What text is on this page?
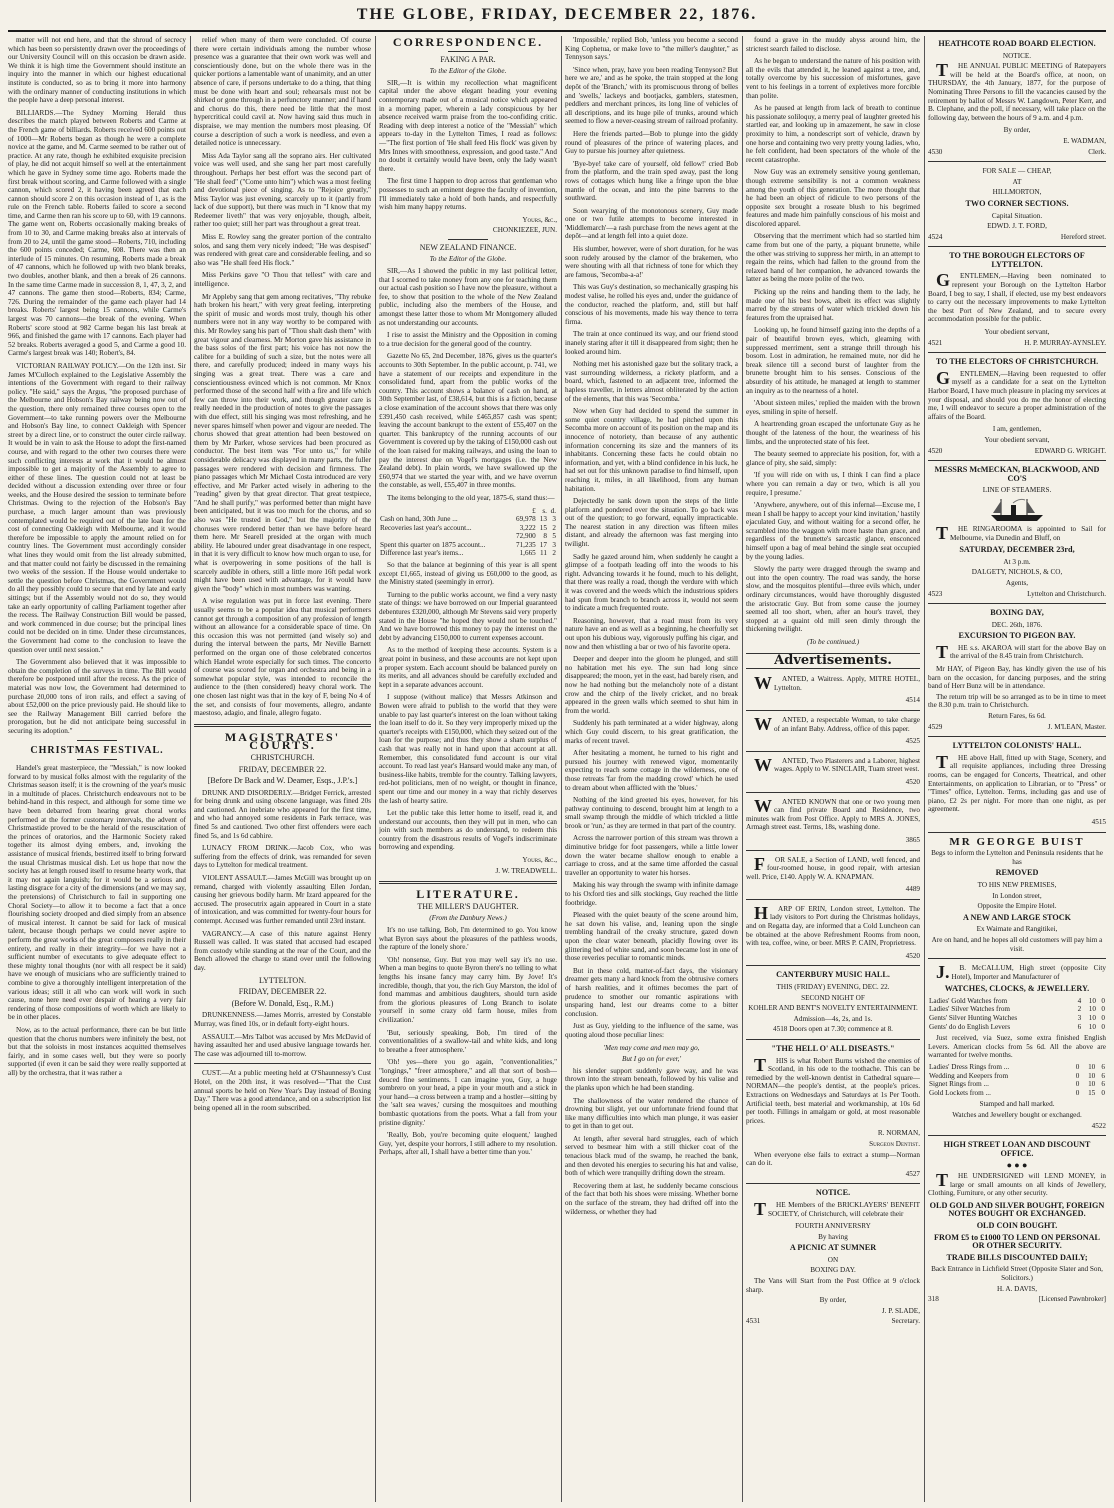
THE GLOBE, FRIDAY, DECEMBER 22, 1876.

matter will not end here, and that the shroud of secrecy which has been so persistently drawn over the proceedings of our University Council will on this occasion be drawn aside. We think it is high time the Government should institute an inquiry into the manner in which our highest educational institute is conducted, so as to bring it more into harmony with the ordinary manner of conducting institutions in which the people have a deep personal interest.

BILLIARDS.—The Sydney Morning Herald thus describes the match played between Roberts and Carme at the French game of billiards. Roberts received 600 points out of 1000—Mr Roberts began as though he were a complete novice at the game, and M. Carme seemed to be rather out of practice. At any rate, though he exhibited exquisite precision of play, he did not acquit himself so well at the entertainment which he gave in Sydney some time ago. Roberts made the first break without scoring, and Carme followed with a single cannon, which scored 2, it having been agreed that each cannon should score 2 on this occasion instead of 1, as is the rule on the French table. Roberts failed to score a second time, and Carme then ran his score up to 60, with 19 cannons. The game went on, Roberts occasionally making breaks of from 10 to 30, and Carme making breaks also at intervals of from 20 to 24, until the game stood—Roberts, 710, including the 600 points conceded; Carme, 608. There was then an interlude of 15 minutes. On resuming, Roberts made a break of 47 cannons, which he followed up with two blank breaks, two doubles, another blank, and then a break of 26 cannons. In the same time Carme made in succession 8, 1, 47, 3, 2, and 47 cannons. The game then stood—Roberts, 834; Carme, 726. During the remainder of the game each player had 14 breaks. Roberts' largest being 15 cannons, while Carme's largest was 70 cannons—the break of the evening. When Roberts' score stood at 982 Carme began his last break at 966, and finished the game with 17 cannons. Each player had 52 breaks. Roberts averaged a good 5, and Carme a good 10. Carme's largest break was 140; Robert's, 84.

VICTORIAN RAILWAY POLICY.—On the 12th inst. Sir James M'Culloch explained to the Legislative Assembly the intentions of the Government with regard to their railway policy. "He said," says the Argus, "the proposed purchase of the Melbourne and Hobson's Bay railway being now out of the question, there only remained three courses open to the Government—to take running powers over the Melbourne and Hobson's Bay line, to connect Oakleigh with Spencer street by a direct line, or to construct the outer circle railway. It would be in vain to ask the House to adopt the first-named course, and with regard to the other two courses there were such conflicting interests at work that it would be almost impossible to get a majority of the Assembly to agree to either of these lines. The question could not at least be decided without a discussion extending over three or four weeks, and the House desired the session to terminate before Christmas. Owing to the rejection of the Hobson's Bay purchase, a much larger amount than was previously contemplated would be required out of the late loan for the cost of connecting Oakleigh with Melbourne, and it would therefore be impossible to apply the amount relied on for country lines. The Government must accordingly consider what lines they would omit from the list already submitted, and that matter could not fairly be discussed in the remaining two weeks of the session. If the House would undertake to settle the question before Christmas, the Government would do all they possibly could to secure that end by late and early sittings; but if the Assembly would not do so, they would take an early opportunity of calling Parliament together after the recess. The Railway Construction Bill would be passed, and work commenced in due course; but the principal lines could not be decided on in time. Under these circumstances, the Government had come to the conclusion to leave the question over until next session."

The Government also believed that it was impossible to obtain the completion of the surveys in time. The Bill would therefore be postponed until after the recess. As the price of material was now low, the Government had determined to purchase 20,000 tons of iron rails, and effect a saving of about £52,000 on the price previously paid. He should like to see the Railway Management Bill carried before the prorogation, but he did not anticipate being successful in securing its adoption."

CHRISTMAS FESTIVAL.

Handel's great masterpiece, the "Messiah," is now looked forward to by musical folks almost with the regularity of the Christmas season itself; it is the crowning of the year's music in a multitude of places. Christchurch endeavours not to be behind-hand in this respect, and although for some time we have been debarred from hearing great choral works performed at the former customary intervals, the advent of Christmastide proved to be the herald of the resuscitation of the princes of oratorios, and the Harmonic Society raked together its almost dying embers, and, invoking the assistance of musical friends, bestirred itself to bring forward the usual Christmas musical dish. Let us hope that now the society has at length roused itself to resume hearty work, that it may not again languish; for it would be a serious and lasting disgrace for a city of the dimensions (and we may say, the pretensions) of Christchurch to fail in supporting one Choral Society—to allow it to become a fact that a once flourishing society drooped and died simply from an absence of musical interest. It cannot be said for lack of musical talent, because though perhaps we could never aspire to perform the great works of the great composers really in their entirety, and really in their integrity—for we have not a sufficient number of executants to give adequate effect to these mighty tonal thoughts (nor with all respect be it said) have we enough of musicians who are sufficiently trained to combine to give a thoroughly intelligent interpretation of the various ideas; still it all who can work will work in such cause, none here need ever despair of hearing a very fair rendering of those compositions of worth which are likely to be in other places.

Now, as to the actual performance, there can be but little question that the chorus numbers were infinitely the best, not but that the soloists in most instances acquitted themselves fairly, and in some cases well, but they were so poorly supported (if even it can be said they were really supported at all) by the orchestra, that it was rather a

relief when many of them were concluded. Of course there were certain individuals among the number whose presence was a guarantee that their own work was well and conscientiously done, but on the whole there was in the quicker portions a lamentable want of unanimity, and an utter absence of care, if persons undertake to do a thing, that thing must be done with heart and soul; rehearsals must not be shirked or gone through in a perfunctory manner; and if hand and chorus do this, there need be little that the most hypercritical could cavil at. Now having said thus much in dispraise, we may mention the numbers most pleasing. Of course a description of such a work is needless, and even a detailed notice is unnecessary.

Miss Ada Taylor sang all the soprano airs. Her cultivated voice was well used, and she sang her part most carefully throughout. Perhaps her best effort was the second part of "He shall feed" ("Come unto him") which was a most feeling and devotional piece of singing. As to "Rejoice greatly," Miss Taylor was just evening, scarcely up to it (partly from lack of due support), but there was much in "I know that my Redeemer liveth" that was very enjoyable, though, albeit, rather too quiet; still her part was throughout a great treat.

Miss E. Rowley sang the greater portion of the contralto solos, and sang them very nicely indeed; "He was despised" was rendered with great care and considerable feeling, and so also was "He shall feed His flock."

Miss Perkins gave "O Thou that tellest" with care and intelligence.

Mr Appleby sang that gem among recitatives, "Thy rebuke hath broken his heart," with very great feeling, interpreting the spirit of music and words most truly, though his other numbers were not in any way worthy to be compared with this. Mr Rowley sang his part of "Thou shalt dash them" with great vigour and clearness. Mr Morton gave his assistance in the bass solos of the first part; his voice has not now the calibre for a building of such a size, but the notes were all there, and carefully produced; indeed in many ways his singing was a great treat. There was a care and conscientiousness evinced which is not common. Mr Knox performed those of the second half with a fire and life which few can throw into their work, and though greater care is really needed in the production of notes to give the passages with due effect, still his singing was most refreshing, and he never spares himself when power and vigour are needed. The chorus showed that great attention had been bestowed on them by Mr Parker, whose services had been procured as conductor. The best item was "For unto us," for while considerable delicacy was displayed in many parts, the fuller passages were rendered with decision and firmness. The piano passages which Mr Michael Costa introduced are very effective, and Mr Parker acted wisely in adhering to the "reading" given by that great director. That great testpiece, "And he shall purify," was performed better than might have been anticipated, but it was too much for the chorus, and so also was "He trusted in God," but the majority of the choruses were rendered better than we have before heard them here. Mr Searell presided at the organ with much ability. He laboured under great disadvantage in one respect, in that it is very difficult to know how much organ to use, for what is overpowering in some positions of the hall is scarcely audible in others, still a little more 16ft pedal work might have been used with advantage, for it would have given the "body" which in most numbers was wanting.

A wise regulation was put in force last evening. There usually seems to be a popular idea that musical performers cannot get through a composition of any profession of length without an allowance for a considerable space of time. On this occasion this was not permitted (and wisely so) and during the interval between the parts, Mr Neville Barnett performed on the organ one of those celebrated concertos which Handel wrote especially for such times. The concerto of course was scored for organ and orchestra and being in a somewhat popular style, was intended to reconcile the audience to the (then considered) heavy choral work. The one chosen last night was that in the key of F, being No 4 of the set, and consists of four movements, allegro, andante maestoso, adagio, and finale, allegro fugato.

MAGISTRATES' COURTS.
CHRISTCHURCH.
FRIDAY, DECEMBER 22.
[Before Dr Back and W. Deamer, Esqs., J.P.'s.]

DRUNK AND DISORDERLY.—Bridget Ferrick, arrested for being drunk and using obscene language, was fined 20s and cautioned. An inebriate who appeared for the first time, and who had annoyed some residents in Park terrace, was fined 5s and cautioned. Two other first offenders were each fined 5s, and 1s 6d cabhire.

LUNACY FROM DRINK.—Jacob Cox, who was suffering from the effects of drink, was remanded for seven days to Lyttelton for medical treatment.

VIOLENT ASSAULT.—James McGill was brought up on remand, charged with violently assaulting Ellen Jordan, causing her grievous bodily harm. Mr Izard appeared for the accused. The prosecutrix again appeared in Court in a state of intoxication, and was committed for twenty-four hours for contempt. Accused was further remanded until 23rd instant.

VAGRANCY.—A case of this nature against Henry Russell was called. It was stated that accused had escaped from custody while standing at the rear of the Court, and the Bench allowed the charge to stand over until the following day.

LYTTELTON.
FRIDAY, DECEMBER 22.
(Before W. Donald, Esq., R.M.)

DRUNKENNESS.—James Morris, arrested by Constable Murray, was fined 10s, or in default forty-eight hours.

ASSAULT.—Mrs Talbot was accused by Mrs McDavid of having assaulted her and used abusive language towards her. The case was adjourned till to-morrow.

CUST.—At a public meeting held at O'Shaunnessy's Cust Hotel, on the 20th inst, it was resolved—"That the Cust annual sports be held on New Year's Day instead of Boxing Day." There was a good attendance, and on a subscription list being opened all in the room subscribed.

CORRESPONDENCE.
FAKING A PAR.
To the Editor of the Globe.

SIR,—It is within my recollection what magnificent capital under the above elegant heading your evening contemporary made out of a musical notice which appeared in a morning paper, wherein a lady conspicuous by her absence received warm praise from the too-confiding critic. Reading with deep interest a notice of the "Messiah" which appears to-day in the Lyttelton Times, I read as follows:—"The first portion of 'He shall feed His flock' was given by Mrs Innes with smoothness, expression, and good taste." And no doubt it certainly would have been, only the lady wasn't there.

The first time I happen to drop across that gentleman who possesses to such an eminent degree the faculty of invention, I'll immediately take a hold of both hands, and respectfully wish him many happy returns.

Yours, &c.,
CHONKIEZEE, JUN.
NEW ZEALAND FINANCE.
To the Editor of the Globe.

SIR,—As I showed the public in my last political letter, that I scorned to take money from any one for teaching them our actual cash position so I have now the pleasure, without a fee, to show that position to the whole of the New Zealand public, including also the members of the House, and amongst these latter those to whom Mr Montgomery alluded as not understanding our accounts.

I rise to assist the Ministry and the Opposition in coming to a true decision for the general good of the country.

Gazette No 65, 2nd December, 1876, gives us the quarter's accounts to 30th September. In the public account, p. 741, we have a statement of our receipts and expenditure in the consolidated fund, apart from the public works of the country. This account shows a balance of cash on hand, at 30th September last, of £38,614, but this is a fiction, because a close examination of the account shows that there was only £391,450 cash received, while £465,857 cash was spent; leaving the account bankrupt to the extent of £55,407 on the quarter. This bankruptcy of the running accounts of our Government is covered up by the taking of £150,000 cash out of the loan raised for making railways, and using the loan to pay the interest due on Vogel's mortgages (i.e. the New Zealand debt). In plain words, we have swallowed up the £60,974 that we started the year with, and we have overrun the constable, as well, £55,407 in three months.

The items belonging to the old year, 1875-6, stand thus:—

	£	s.	d.
Cash on hand, 30th June ...	69,978	13	3
Recoveries last year's account...	3,222	15	2
	72,900	8	5
Spent this quarter on 1875 account...	71,235	17	3
Difference last year's items...	1,665	11	2

So that the balance at beginning of this year is all spent except £1,665, instead of giving us £60,000 to the good, as the Ministry stated (seemingly in error).

Turning to the public works account, we find a very nasty state of things: we have borrowed on our Imperial guaranteed debentures £320,000, although Mr Stevens said very properly stated in the House "he hoped they would not be touched." And we have borrowed this money to pay the interest on the debt by advancing £150,000 to current expenses account.

As to the method of keeping these accounts. System is a great point in business, and these accounts are not kept upon a proper system. Each account should be balanced purely on its merits, and all advances should be carefully excluded and kept in a separate advances account.

I suppose (without malice) that Messrs Atkinson and Bowen were afraid to publish to the world that they were unable to pay last quarter's interest on the loan without taking the loan itself to do it. So they very improperly mixed up the quarter's receipts with £150,000, which they seized out of the loan for the purpose; and thus they show a sham surplus of cash that was really not in hand upon that account at all. Remember, this consolidated fund account is our vital account. To read last year's Hansard would make any man, of business-like habits, tremble for the country. Talking lawyers, red-hot politicians, men of no weight, or thought in finance, spent our time and our money in a way that richly deserves the lash of hearty satire.

Let the public take this letter home to itself, read it, and understand our accounts, then they will put in men, who can join with such members as do understand, to redeem this country from the disastrous results of Vogel's indiscriminate borrowing and expending.

Yours, &c.,
J. W. TREADWELL.
LITERATURE.
THE MILLER'S DAUGHTER.
(From the Danbury News.)

It's no use talking, Bob, I'm determined to go. You know what Byron says about the pleasures of the pathless woods, the rapture of the lonely shore.'

'Oh! nonsense, Guy. But you may well say it's no use. When a man begins to quote Byron there's no telling to what lengths his insane fancy may carry him. By Jove! It's incredible, though, that you, the rich Guy Marston, the idol of fond mammas and ambitious daughters, should turn aside from the glorious pleasures of Long Branch to isolate yourself in some crazy old farm house, miles from civilization.'

'But, seriously speaking, Bob, I'm tired of the conventionalities of a swallow-tail and white kids, and long to breathe a freer atmosphere.'

'Oh! yes—there you go again, "conventionalities," "longings," "freer atmosphere," and all that sort of bosh—deuced fine sentiments. I can imagine you, Guy, a huge sombrero on your head, a pipe in your mouth and a stick in your hand—a cross between a tramp and a hostler—sitting by the 'salt sea waves,' cursing the mosquitoes and mouthing bombastic quotations from the poets. What a fall from your pristine dignity.'

'Really, Bob, you're becoming quite eloquent,' laughed Guy, 'yet, despite your horrors, I still adhere to my resolution. Perhaps, after all, I shall have a better time than you.'

'Impossible,' replied Bob, 'unless you become a second King Cophetua, or make love to "the miller's daughter," as Tennyson says.'

'Since when, pray, have you been reading Tennyson? But here we are,' and as he spoke, the train stopped at the long depôt of the 'Branch,' with its promiscuous throng of belles and 'swells,' lackeys and bootjacks, gamblers, statesmen, peddlers and merchant princes, its long line of vehicles of all descriptions, and its huge pile of trunks, around which seemed to flow a never-ceasing stream of railroad profanity.

Here the friends parted—Bob to plunge into the giddy round of pleasures of the prince of watering places, and Guy to pursue his journey after quietness.

'Bye-bye! take care of yourself, old fellow!' cried Bob from the platform, and the train sped away, past the long rows of cottages which hung like a fringe upon the blue mantle of the ocean, and into the pine barrens to the southward.

Soon wearying of the monotonous scenery, Guy made one or two futile attempts to become interested in 'Middlemarch'—a rash purchase from the news agent at the depôt—and at length fell into a quiet doze.

His slumber, however, were of short duration, for he was soon rudely aroused by the clamor of the brakemen, who were shouting with all that richness of tone for which they are famous, 'Secomba-a-a!'

This was Guy's destination, so mechanically grasping his modest valise, he rolled his eyes and, under the guidance of the conductor, reached the platform, and, still but half conscious of his movements, made his way thence to terra firma.

The train at once continued its way, and our friend stood inanely staring after it till it disappeared from sight; then he looked around him.

Nothing met his astonished gaze but the solitary track, a vast surrounding wilderness, a rickety platform, and a board, which, fastened to an adjacent tree, informed the hapless traveller, in letters almost obliterated by the action of the elements, that this was 'Secomba.'

Now when Guy had decided to spend the summer in some quiet country village, he had pitched upon this Secomba more on account of its position on the map and its innocence of notoriety, than because of any authentic information concerning its size and the manners of its inhabitants. Concerning these facts he could obtain no information, and yet, with a blind confidence in his luck, he had set out for this unknown paradise to find himself, upon reaching it, miles, in all likelihood, from any human habitation.

Dejectedly he sank down upon the steps of the little platform and pondered over the situation. To go back was out of the question; to go forward, equally impracticable. The nearest station in any direction was fifteen miles distant, and already the afternoon was fast merging into twilight.

Sadly he gazed around him, when suddenly he caught a glimpse of a footpath leading off into the woods to his right. Advancing towards it he found, much to his delight, that there was really a road, though the verdure with which it was covered and the weeds which the industrious spiders had spun from branch to branch across it, would not seem to indicate a much frequented route.

Reasoning, however, that a road must from its very nature have an end as well as a beginning, he cheerfully set out upon his dubious way, vigorously puffing his cigar, and now and then whistling a bar or two of his favorite opera.

Deeper and deeper into the gloom he plunged, and still no habitation met his eye. The sun had long since disappeared; the moon, yet in the east, had barely risen, and now he had nothing but the melancholy note of a distant crow and the chirp of the lively cricket, and no break appeared in the green walls which seemed to shut him in from the world.

Suddenly his path terminated at a wider highway, along which Guy could discern, to his great gratification, the marks of recent travel.

After hesitating a moment, he turned to his right and pursued his journey with renewed vigor, momentarily expecting to reach some cottage in the wilderness, one of those retreats 'far from the madding crowd' which he used to dream about when afflicted with the 'blues.'

Nothing of the kind greeted his eyes, however, for his pathway continuing to descend, brought him at length to a small swamp through the middle of which trickled a little brook or 'run,' as they are termed in that part of the country.

Across the narrower portion of this stream was thrown a diminutive bridge for foot passengers, while a little lower down the water became shallow enough to enable a carriage to cross, and at the same time afforded the casual traveller an opportunity to water his horses.

Making his way through the swamp with infinite damage to his Oxford ties and silk stockings, Guy reached the little footbridge.

Pleased with the quiet beauty of the scene around him, he sat down his valise, and, leaning upon the single trembling handrail of the creaky structure, gazed down upon the clear water beneath, placidly flowing over its glittering bed of white sand, and soon became lost in one of those reveries peculiar to romantic minds.

But in these cold, matter-of-fact days, the visionary dreamer gets many a hard knock from the obtrusive corners of harsh realities, and it oftimes becomes the part of prudence to smother our romantic aspirations with unsparing hand, lest our dreams come to a bitter conclusion.

Just as Guy, yielding to the influence of the same, was quoting aloud those peculiar lines:

'Men may come and men may go,
But I go on for ever,'

his slender support suddenly gave way, and he was thrown into the stream beneath, followed by his valise and the planks upon which he had been standing.

The shallowness of the water rendered the chance of drowning but slight, yet our unfortunate friend found that like many difficulties into which man plunge, it was easier to get in than to get out.

At length, after several hard struggles, each of which served to besmear him with a still thicker coat of the tenacious black mud of the swamp, he reached the bank, and then devoted his energies to securing his hat and valise, both of which were tranquilly drifting down the stream.

Recovering them at last, he suddenly became conscious of the fact that both his shoes were missing. Whether borne on the surface of the stream, they had drifted off into the wilderness, or whether they had

found a grave in the muddy abyss around him, the strictest search failed to disclose.

As he began to understand the nature of his position with all the evils that attended it, he leaned against a tree, and, totally overcome by his succession of misfortunes, gave vent to his feelings in a torrent of expletives more forcible than polite.

As he paused at length from lack of breath to continue his passionate soliloquy, a merry peal of laughter greeted his startled ear, and looking up in amazement, he saw in close proximity to him, a nondescript sort of vehicle, drawn by one horse and containing two very pretty young ladies, who, he felt confident, had been spectators of the whole of the recent catastrophe.

Now Guy was an extremely sensitive young gentleman, though extreme sensibility is not a common weakness among the youth of this generation. The more thought that he had been an object of ridicule to two persons of the opposite sex brought a roseate blush to his begrimed features and made him painfully conscious of his moist and discolored apparel.

Observing that the merriment which had so startled him came from but one of the party, a piquant brunette, while the other was striving to suppress her mirth, in an attempt to regain the reins, which had fallen to the ground from the relaxed hand of her companion, he advanced towards the latter as being the more polite of the two.

Picking up the reins and handing them to the lady, he made one of his best bows, albeit its effect was slightly marred by the streams of water which trickled down his features from the upraised hat.

Looking up, he found himself gazing into the depths of a pair of beautiful brown eyes, which, gleaming with suppressed merriment, sent a strange thrill through his bosom. Lost in admiration, he remained mute, nor did he break silence till a second burst of laughter from the brunette brought him to his senses. Conscious of the absurdity of his attitude, he managed at length to stammer an inquiry as to the nearness of a hotel.

'About sixteen miles,' replied the maiden with the brown eyes, smiling in spite of herself.

A heartrending groan escaped the unfortunate Guy as he thought of the lateness of the hour, the weariness of his limbs, and the unprotected state of his feet.

The beauty seemed to appreciate his position, for, with a glance of pity, she said, simply:

'If you will ride on with us, I think I can find a place where you can remain a day or two, which is all you require, I presume.'

'Anywhere, anywhere, out of this infernal—Excuse me, I mean I shall be happy to accept your kind invitation,' hastily ejaculated Guy, and without waiting for a second offer, he scrambled into the waggon with more haste than grace, and regardless of the brunette's sarcastic glance, ensconced himself upon a bag of meal behind the single seat occupied by the young ladies.

Slowly the party were dragged through the swamp and out into the open country. The road was sandy, the horse slow, and the mosquitos plentiful—three evils which, under ordinary circumstances, would have thoroughly disgusted the aristocratic Guy. But from some cause the journey seemed all too short, when, after an hour's travel, they stopped at a quaint old mill seen dimly through the thickening twilight.

(To be continued.)
Advertisements.

WANTED, a Waitress. Apply, MITRE HOTEL, Lyttelton.

4514

WANTED, a respectable Woman, to take charge of an infant Baby. Address, office of this paper.

4525

WANTED, Two Plasterers and a Laborer, highest wages. Apply to W. SINCLAIR, Tuam street west.

4520

WANTED KNOWN that one or two young men can find private Board and Residence, two minutes walk from Post Office. Apply to MRS A. JONES, Armagh street east. Terms, 18s, washing done.

3865

FOR SALE, a Section of LAND, well fenced, and four-roomed house, in good repair, with artesian well. Price, £140. Apply W. A. KNAPMAN.

4489

HARP OF ERIN, London street, Lyttelton. The lady visitors to Port during the Christmas holidays, and on Regatta day, are informed that a Cold Luncheon can be obtained at the above Refreshment Rooms from noon, with tea, coffee, wine, or beer. MRS P. CAIN, Proprietress.

4520
CANTERBURY MUSIC HALL.
THIS (FRIDAY) EVENING, DEC. 22.
SECOND NIGHT OF
KOHLER AND BENT'S NOVELTY ENTERTAINMENT.
Admission—4s, 2s, and 1s.
4518 Doors open at 7.30; commence at 8.
"THE HELL O' ALL DISEASTS."

THIS is what Robert Burns wished the enemies of Scotland, in his ode to the toothache. This can be remedied by the well-known dentist in Cathedral square—NORMAN—the people's dentist, at the people's prices. Extractions on Wednesdays and Saturdays at 1s Per Tooth. Artificial teeth, best material and workmanship, at 10s 6d per tooth. Fillings in amalgam or gold, at most reasonable prices.

R. NORMAN,
Surgeon Dentist.

When everyone else fails to extract a stump—Norman can do it.

4527
NOTICE.

THE Members of the BRICKLAYERS' BENEFIT SOCIETY, of Christchurch, will celebrate their

FOURTH ANNIVERSRY
By having
A PICNIC AT SUMNER
ON
BOXING DAY.

The Vans will Start from the Post Office at 9 o'clock sharp.

By order,
J. P. SLADE,
4531	Secretary.
HEATHCOTE ROAD BOARD ELECTION.
NOTICE.

THE ANNUAL PUBLIC MEETING of Ratepayers will be held at the Board's office, at noon, on THURSDAY, the 4th January, 1877, for the purpose of Nominating Three Persons to fill the vacancies caused by the retirement by ballot of Messrs W. Langdown, Peter Kerr, and B. Clephane, and the poll, if necessary, will take place on the following day, between the hours of 9 a.m. and 4 p.m.

By order,
E. WADMAN,
4530	Clerk.
FOR SALE — CHEAP,
AT
HILLMORTON,
TWO CORNER SECTIONS.
Capital Situation.
EDWD. J. T. FORD,
4524	Hereford street.
TO THE BOROUGH ELECTORS OF LYTTELTON.

GENTLEMEN,—Having been nominated to represent your Borough on the Lyttelton Harbor Board, I beg to say, I shall, if elected, use my best endeavors to carry out the necessary improvements to make Lyttelton the best Port of New Zealand, and to secure every accommodation possible for the public.

Your obedient servant,
4521	H. P. MURRAY-AYNSLEY.
TO THE ELECTORS OF CHRISTCHURCH.

GENTLEMEN,—Having been requested to offer myself as a candidate for a seat on the Lyttelton Harbor Board, I have much pleasure in placing my services at your disposal, and should you do me the honor of electing me, I will endeavor to secure a proper administration of the affairs of the Board.

I am, gentlemen,
Your obedient servant,
4520	EDWARD G. WRIGHT.
MESSRS McMECKAN, BLACKWOOD, AND CO'S
LINE OF STEAMERS.

THE RINGAROOMA is appointed to Sail for Melbourne, via Dunedin and Bluff, on

SATURDAY, DECEMBER 23rd,
At 3 p.m.
DALGETY, NICHOLS, & CO,
Agents,
4523	Lyttelton and Christchurch.
BOXING DAY,
DEC. 26th, 1876.
EXCURSION TO PIGEON BAY.

THE s.s. AKAROA will start for the above Bay on the arrival of the 8.45 train from Christchurch.

Mr HAY, of Pigeon Bay, has kindly given the use of his barn on the occasion, for dancing purposes, and the string band of Herr Bunz will be in attendance.

The return trip will be so arranged as to be in time to meet the 8.30 p.m. train to Christchurch.

Return Fares, 6s 6d.
4529	J. M'LEAN, Master.
LYTTELTON COLONISTS' HALL.

THE above Hall, fitted up with Stage, Scenery, and all requisite appliances, including three Dressing rooms, can be engaged for Concerts, Theatrical, and other Entertainments, on application to Librarian, or to "Press" or "Times" office, Lyttelton. Terms, including gas and use of piano, £2 2s per night. For more than one night, as per agreement.

4515
MR GEORGE BUIST
Begs to inform the Lyttelton and Peninsula residents that he has
REMOVED
TO HIS NEW PREMISES,
In London street,
Opposite the Empire Hotel.
A NEW AND LARGE STOCK
Ex Waimate and Rangitikei,
Are on hand, and he hopes all old customers will pay him a visit.

J.B. McCALLUM, High street (opposite City Hotel), Importer and Manufacturer of

WATCHES, CLOCKS, & JEWELLERY.
Ladies' Gold Watches from	4	10	0
Ladies' Silver Watches from	2	10	0
Gents' Silver Hunting Watches	3	10	0
Gents' do do English Levers	6	10	0

Just received, via Suez, some extra finished English Levers. American clocks from 5s 6d. All the above are warranted for twelve months.

Ladies' Dress Rings from ...	0	10	6
Wedding and Keepers from	0	10	6
Signet Rings from ...	0	10	6
Gold Lockets from ...	0	15	0
Stamped and hall marked.
Watches and Jewellery bought or exchanged.
4522
HIGH STREET LOAN AND DISCOUNT OFFICE.
● ● ●

THE UNDERSIGNED will LEND MONEY, in large or small amounts on all kinds of Jewellery, Clothing, Furniture, or any other security.

OLD GOLD AND SILVER BOUGHT, FOREIGN NOTES BOUGHT OR EXCHANGED.
OLD COIN BOUGHT.
FROM £5 to £1000 TO LEND ON PERSONAL OR OTHER SECURITY.
TRADE BILLS DISCOUNTED DAILY;
Back Entrance in Lichfield Street (Opposite Slater and Son, Solicitors.)
H. A. DAVIS,
318	[Licensed Pawnbroker]
